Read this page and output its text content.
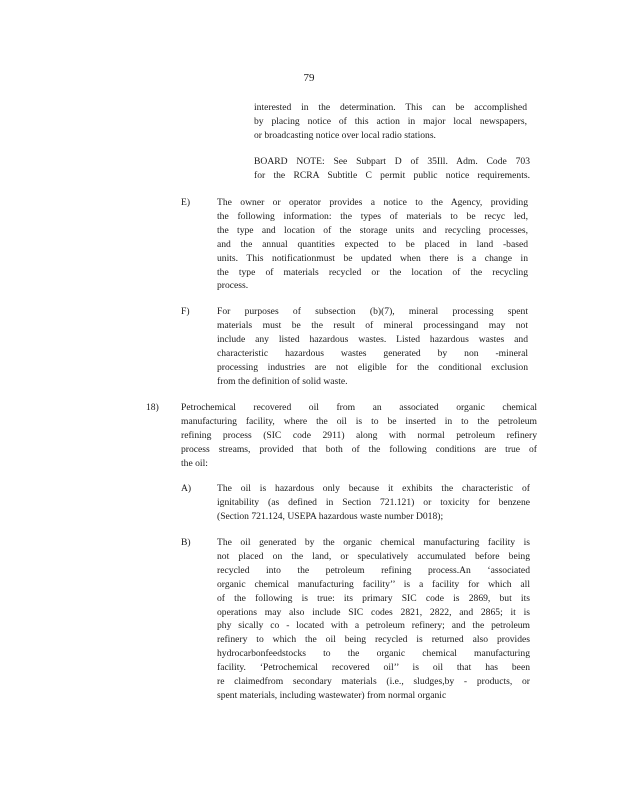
79
interested in the determination. This can be accomplished
by placing notice of this action in major local newspapers,
or broadcasting notice over local radio stations.
BOARD NOTE: See Subpart D of 35Ill. Adm. Code 703
for the RCRA Subtitle C permit public notice requirements.
E)	The owner or operator provides a notice to the Agency, providing
the following information: the types of materials to be recyc led,
the type and location of the storage units and recycling processes,
and the annual quantities expected to be placed in land -based
units. This notificationmust be updated when there is a change in
the type of materials recycled or the location of the recycling
process.
F)	For purposes of subsection (b)(7), mineral processing spent
materials must be the result of mineral processingand may not
include any listed hazardous wastes. Listed hazardous wastes and
characteristic hazardous wastes generated by non -mineral
processing industries are not eligible for the conditional exclusion
from the definition of solid waste.
18) Petrochemical recovered oil from an associated organic chemical
manufacturing facility, where the oil is to be inserted in to the petroleum
refining process (SIC code 2911) along with normal petroleum refinery
process streams, provided that both of the following conditions are true of
the oil:
A)	The oil is hazardous only because it exhibits the characteristic of
ignitability (as defined in Section 721.121) or toxicity for benzene
(Section 721.124, USEPA hazardous waste number D018);
B)	The oil generated by the organic chemical manufacturing facility is
not placed on the land, or speculatively accumulated before being
recycled into the petroleum refining process.An ‘associated
organic chemical manufacturing facility’’ is a facility for which all
of the following is true: its primary SIC code is 2869, but its
operations may also include SIC codes 2821, 2822, and 2865; it is
phy sically co - located with a petroleum refinery; and the petroleum
refinery to which the oil being recycled is returned also provides
hydrocarbonfeedstocks to the organic chemical manufacturing
facility. ‘Petrochemical recovered oil’’ is oil that has been
re claimedfrom secondary materials (i.e., sludges,by - products, or
spent materials, including wastewater) from normal organic
